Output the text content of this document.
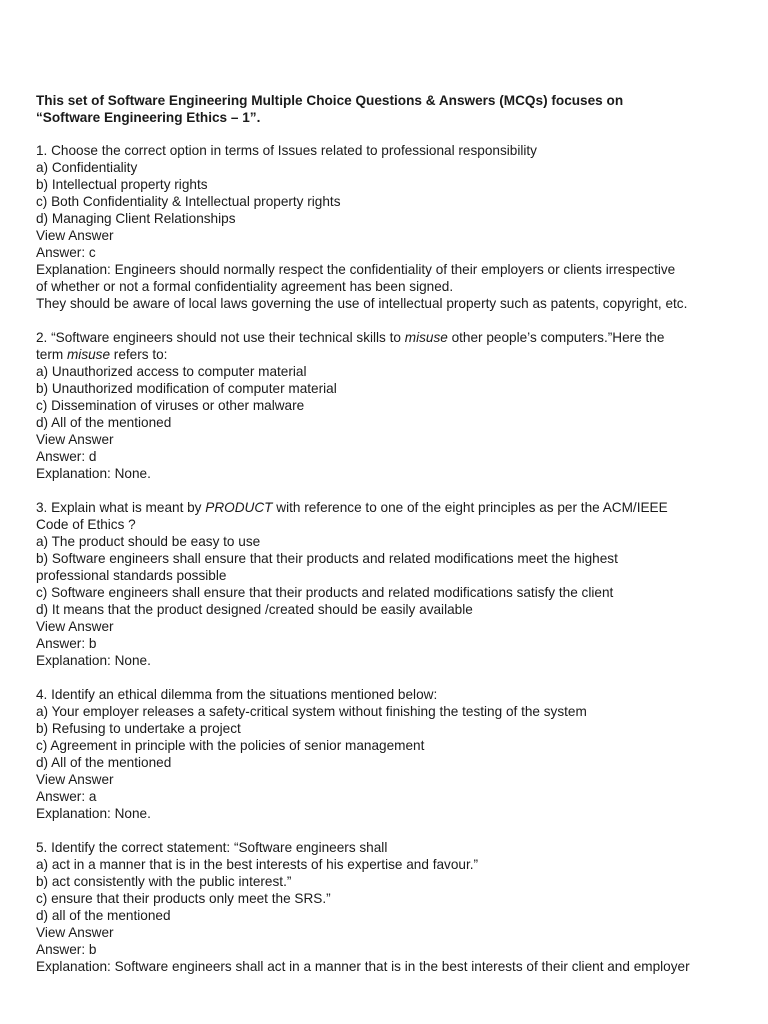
This set of Software Engineering Multiple Choice Questions & Answers (MCQs) focuses on
“Software Engineering Ethics – 1”.
1. Choose the correct option in terms of Issues related to professional responsibility
a) Confidentiality
b) Intellectual property rights
c) Both Confidentiality & Intellectual property rights
d) Managing Client Relationships
View Answer
Answer: c
Explanation: Engineers should normally respect the confidentiality of their employers or clients irrespective
of whether or not a formal confidentiality agreement has been signed.
They should be aware of local laws governing the use of intellectual property such as patents, copyright, etc.
2. “Software engineers should not use their technical skills to misuse other people’s computers.”Here the
term misuse refers to:
a) Unauthorized access to computer material
b) Unauthorized modification of computer material
c) Dissemination of viruses or other malware
d) All of the mentioned
View Answer
Answer: d
Explanation: None.
3. Explain what is meant by PRODUCT with reference to one of the eight principles as per the ACM/IEEE
Code of Ethics ?
a) The product should be easy to use
b) Software engineers shall ensure that their products and related modifications meet the highest
professional standards possible
c) Software engineers shall ensure that their products and related modifications satisfy the client
d) It means that the product designed /created should be easily available
View Answer
Answer: b
Explanation: None.
4. Identify an ethical dilemma from the situations mentioned below:
a) Your employer releases a safety-critical system without finishing the testing of the system
b) Refusing to undertake a project
c) Agreement in principle with the policies of senior management
d) All of the mentioned
View Answer
Answer: a
Explanation: None.
5. Identify the correct statement: “Software engineers shall
a) act in a manner that is in the best interests of his expertise and favour.”
b) act consistently with the public interest.”
c) ensure that their products only meet the SRS.”
d) all of the mentioned
View Answer
Answer: b
Explanation: Software engineers shall act in a manner that is in the best interests of their client and employer
